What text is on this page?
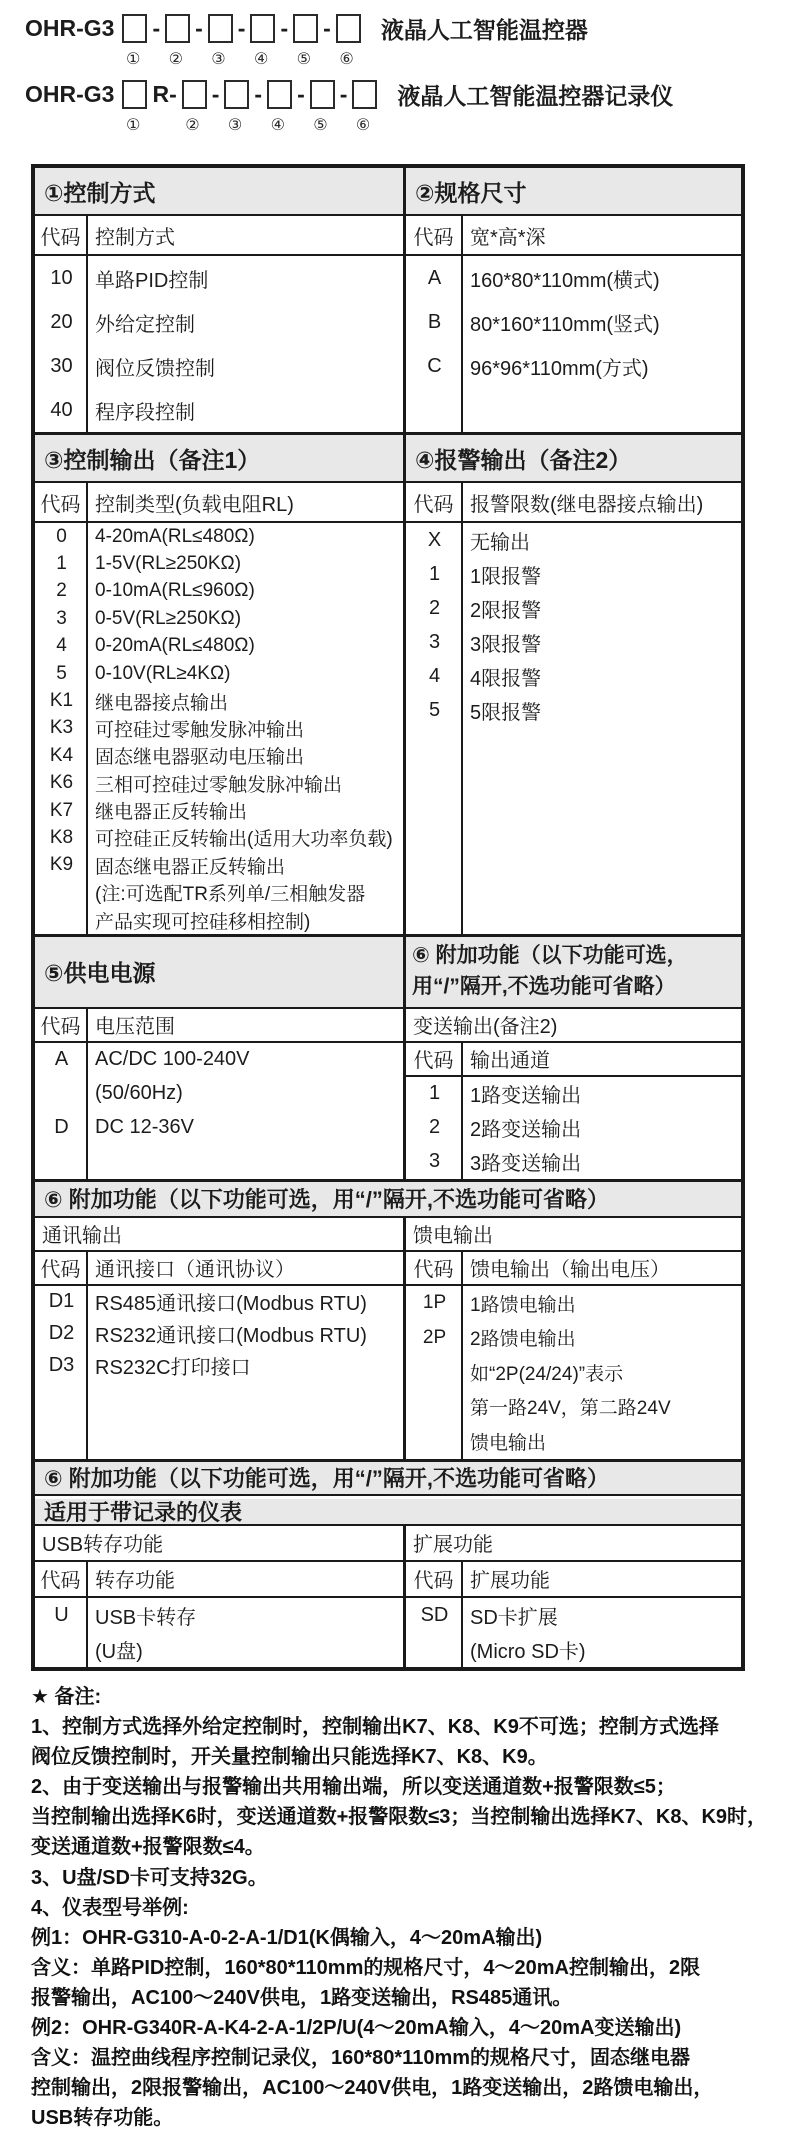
OHR-G3 - - - - - 液晶人工智能温控器
① ② ③ ④ ⑤ ⑥
OHR-G3 R- - - - - 液晶人工智能温控器记录仪
①	② ③ ④ ⑤ ⑥
①控制方式
代码 控制方式
10	单路PID控制
20	外给定控制
30	阀位反馈控制
40	程序段控制
②规格尺寸
代码 宽*高*深
A	160*80*110mm(横式)
B	80*160*110mm(竖式)
C	96*96*110mm(方式)
③控制输出（备注1）
代码 控制类型(负载电阻RL)
0	4-20mA(RL≤480Ω)
1	1-5V(RL≥250KΩ)
2	0-10mA(RL≤960Ω)
3	0-5V(RL≥250KΩ)
4	0-20mA(RL≤480Ω)
5	0-10V(RL≥4KΩ)
K1	继电器接点输出
K3	可控硅过零触发脉冲输出
K4	固态继电器驱动电压输出
K6	三相可控硅过零触发脉冲输出
K7	继电器正反转输出
K8	可控硅正反转输出(适用大功率负载)
K9	固态继电器正反转输出
(注:可选配TR系列单/三相触发器
产品实现可控硅移相控制)
④报警输出（备注2）
代码 报警限数(继电器接点输出)
X	无输出
1	1限报警
2	2限报警
3	3限报警
4	4限报警
5	5限报警
⑤供电电源
代码 电压范围
A	AC/DC 100-240V
(50/60Hz)
D	DC 12-36V
⑥ 附加功能（以下功能可选，
用“/”隔开,不选功能可省略）
变送输出(备注2)
代码 输出通道
1	1路变送输出
2	2路变送输出
3	3路变送输出
⑥ 附加功能（以下功能可选，用“/”隔开,不选功能可省略）
通讯输出
代码 通讯接口（通讯协议）
D1	RS485通讯接口(Modbus RTU)
D2	RS232通讯接口(Modbus RTU)
D3	RS232C打印接口
馈电输出
代码 馈电输出（输出电压）
1P	1路馈电输出
2P	2路馈电输出
如“2P(24/24)”表示
第一路24V，第二路24V
馈电输出
⑥ 附加功能（以下功能可选，用“/”隔开,不选功能可省略）
适用于带记录的仪表
USB转存功能
代码 转存功能
U	USB卡转存
(U盘)
扩展功能
代码 扩展功能
SD	SD卡扩展
(Micro SD卡)
★ 备注:
1、控制方式选择外给定控制时，控制输出K7、K8、K9不可选；控制方式选择
阀位反馈控制时，开关量控制输出只能选择K7、K8、K9。
2、由于变送输出与报警输出共用输出端，所以变送通道数+报警限数≤5；
当控制输出选择K6时，变送通道数+报警限数≤3；当控制输出选择K7、K8、K9时，
变送通道数+报警限数≤4。
3、U盘/SD卡可支持32G。
4、仪表型号举例:
例1：OHR-G310-A-0-2-A-1/D1(K偶输入，4～20mA输出)
含义：单路PID控制，160*80*110mm的规格尺寸，4～20mA控制输出，2限
报警输出，AC100～240V供电，1路变送输出，RS485通讯。
例2：OHR-G340R-A-K4-2-A-1/2P/U(4～20mA输入，4～20mA变送输出)
含义：温控曲线程序控制记录仪，160*80*110mm的规格尺寸，固态继电器
控制输出，2限报警输出，AC100～240V供电，1路变送输出，2路馈电输出，
USB转存功能。
